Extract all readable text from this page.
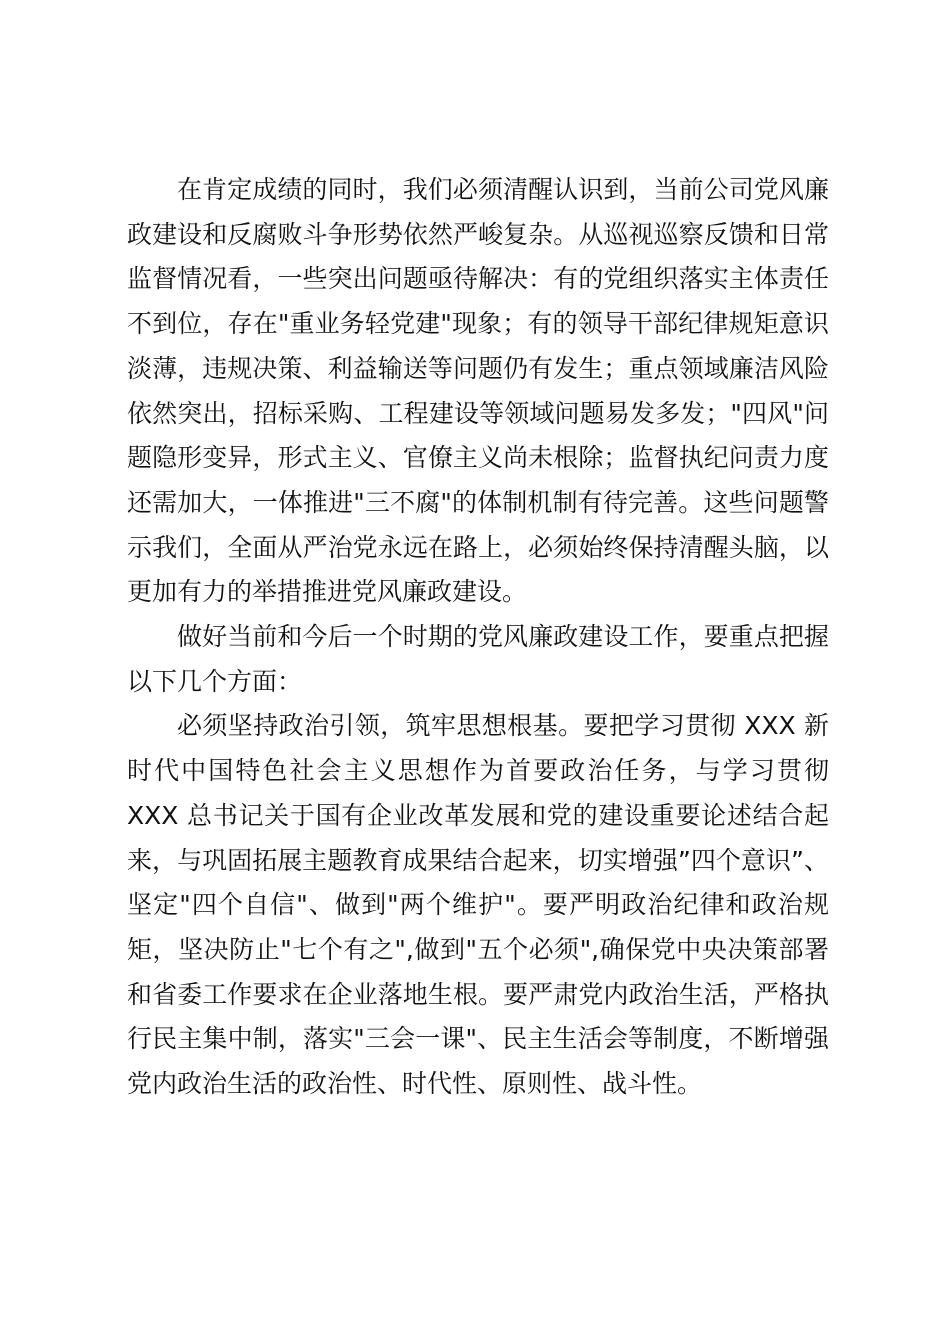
在肯定成绩的同时，我们必须清醒认识到，当前公司党风廉政建设和反腐败斗争形势依然严峻复杂。从巡视巡察反馈和日常监督情况看，一些突出问题亟待解决：有的党组织落实主体责任不到位，存在"重业务轻党建"现象；有的领导干部纪律规矩意识淡薄，违规决策、利益输送等问题仍有发生；重点领域廉洁风险依然突出，招标采购、工程建设等领域问题易发多发；"四风"问题隐形变异，形式主义、官僚主义尚未根除；监督执纪问责力度还需加大，一体推进"三不腐"的体制机制有待完善。这些问题警示我们，全面从严治党永远在路上，必须始终保持清醒头脑，以更加有力的举措推进党风廉政建设。

做好当前和今后一个时期的党风廉政建设工作，要重点把握以下几个方面：

必须坚持政治引领，筑牢思想根基。要把学习贯彻 XXX 新时代中国特色社会主义思想作为首要政治任务，与学习贯彻 XXX 总书记关于国有企业改革发展和党的建设重要论述结合起来，与巩固拓展主题教育成果结合起来，切实增强”四个意识”、坚定"四个自信"、做到"两个维护"。要严明政治纪律和政治规矩，坚决防止"七个有之",做到"五个必须",确保党中央决策部署和省委工作要求在企业落地生根。要严肃党内政治生活，严格执行民主集中制，落实"三会一课"、民主生活会等制度，不断增强党内政治生活的政治性、时代性、原则性、战斗性。
